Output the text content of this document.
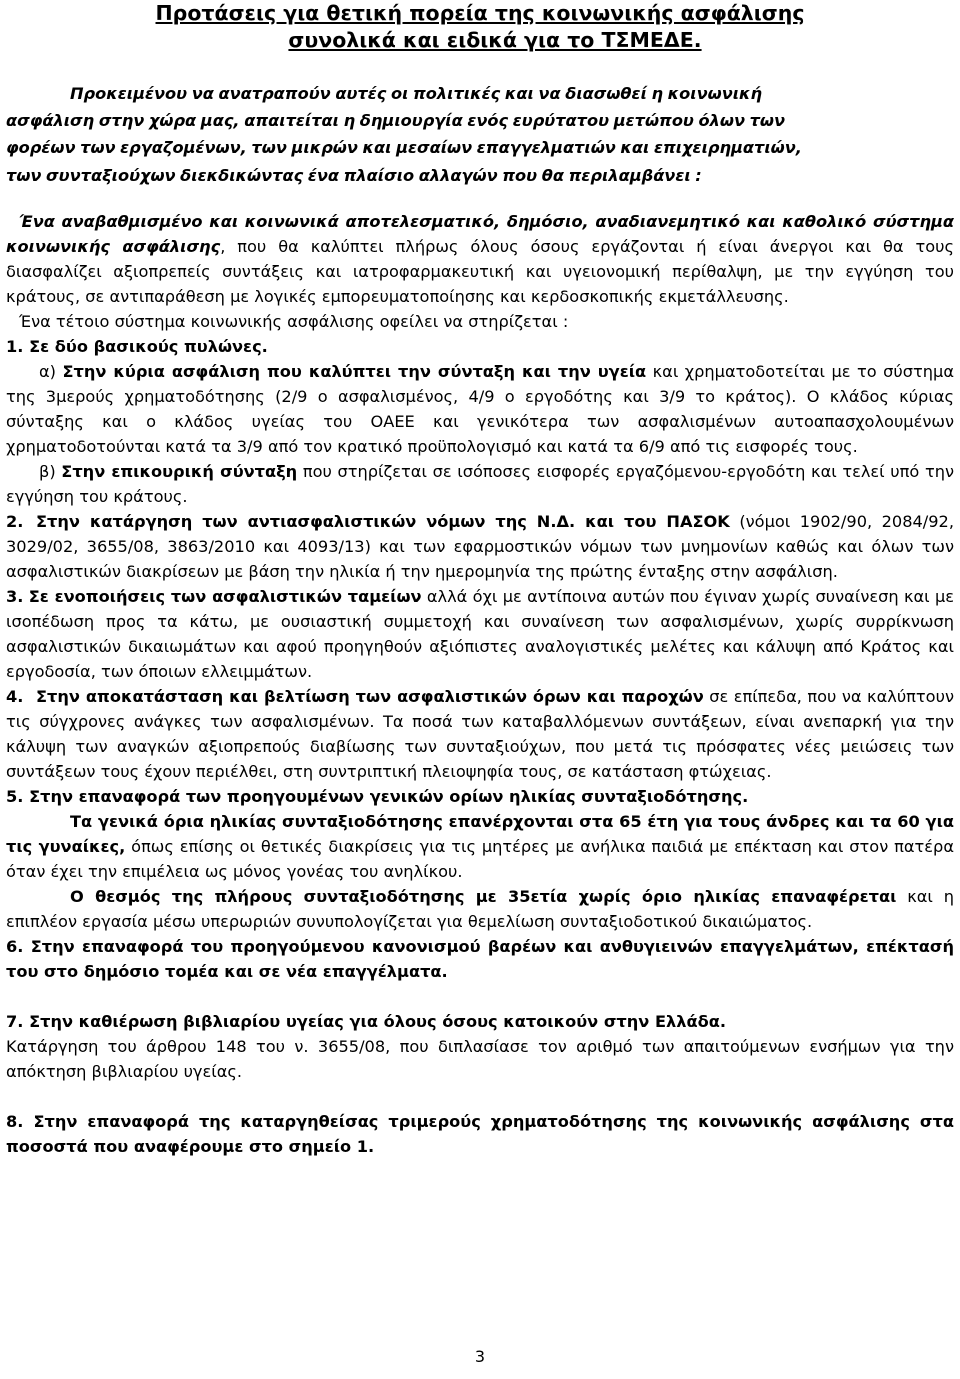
Προτάσεις για θετική πορεία της κοινωνικής ασφάλισης
συνολικά και ειδικά για το ΤΣΜΕΔΕ.
Προκειμένου να ανατραπούν αυτές οι πολιτικές και να διασωθεί η κοινωνική
ασφάλιση στην χώρα μας, απαιτείται η δημιουργία ενός ευρύτατου μετώπου όλων των
φορέων των εργαζομένων, των μικρών και μεσαίων επαγγελματιών και επιχειρηματιών,
των συνταξιούχων διεκδικώντας ένα πλαίσιο αλλαγών που θα περιλαμβάνει :

Ένα αναβαθμισμένο και κοινωνικά αποτελεσματικό, δημόσιο, αναδιανεμητικό και καθολικό σύστημα κοινωνικής ασφάλισης, που θα καλύπτει πλήρως όλους όσους εργάζονται ή είναι άνεργοι και θα τους διασφαλίζει αξιοπρεπείς συντάξεις και ιατροφαρμακευτική και υγειονομική περίθαλψη, με την εγγύηση του κράτους, σε αντιπαράθεση με λογικές εμπορευματοποίησης και κερδοσκοπικής εκμετάλλευσης.

Ένα τέτοιο σύστημα κοινωνικής ασφάλισης οφείλει να στηρίζεται :

1. Σε δύο βασικούς πυλώνες.

α) Στην κύρια ασφάλιση που καλύπτει την σύνταξη και την υγεία και χρηματοδοτείται με το σύστημα της 3μερούς χρηματοδότησης (2/9 ο ασφαλισμένος, 4/9 ο εργοδότης και 3/9 το κράτος). Ο κλάδος κύριας σύνταξης και ο κλάδος υγείας του ΟΑΕΕ και γενικότερα των ασφαλισμένων αυτοαπασχολουμένων χρηματοδοτούνται κατά τα 3/9 από τον κρατικό προϋπολογισμό και κατά τα 6/9 από τις εισφορές τους.

β) Στην επικουρική σύνταξη που στηρίζεται σε ισόποσες εισφορές εργαζόμενου-εργοδότη και τελεί υπό την εγγύηση του κράτους.

2. Στην κατάργηση των αντιασφαλιστικών νόμων της Ν.Δ. και του ΠΑΣΟΚ (νόμοι 1902/90, 2084/92, 3029/02, 3655/08, 3863/2010 και 4093/13) και των εφαρμοστικών νόμων των μνημονίων καθώς και όλων των ασφαλιστικών διακρίσεων με βάση την ηλικία ή την ημερομηνία της πρώτης ένταξης στην ασφάλιση.

3. Σε ενοποιήσεις των ασφαλιστικών ταμείων αλλά όχι με αντίποινα αυτών που έγιναν χωρίς συναίνεση και με ισοπέδωση προς τα κάτω, με ουσιαστική συμμετοχή και συναίνεση των ασφαλισμένων, χωρίς συρρίκνωση ασφαλιστικών δικαιωμάτων και αφού προηγηθούν αξιόπιστες αναλογιστικές μελέτες και κάλυψη από Κράτος και εργοδοσία, των όποιων ελλειμμάτων.

4. Στην αποκατάσταση και βελτίωση των ασφαλιστικών όρων και παροχών σε επίπεδα, που να καλύπτουν τις σύγχρονες ανάγκες των ασφαλισμένων. Τα ποσά των καταβαλλόμενων συντάξεων, είναι ανεπαρκή για την κάλυψη των αναγκών αξιοπρεπούς διαβίωσης των συνταξιούχων, που μετά τις πρόσφατες νέες μειώσεις των συντάξεων τους έχουν περιέλθει, στη συντριπτική πλειοψηφία τους, σε κατάσταση φτώχειας.

5. Στην επαναφορά των προηγουμένων γενικών ορίων ηλικίας συνταξιοδότησης.

Τα γενικά όρια ηλικίας συνταξιοδότησης επανέρχονται στα 65 έτη για τους άνδρες και τα 60 για τις γυναίκες, όπως επίσης οι θετικές διακρίσεις για τις μητέρες με ανήλικα παιδιά με επέκταση και στον πατέρα όταν έχει την επιμέλεια ως μόνος γονέας του ανηλίκου.

Ο θεσμός της πλήρους συνταξιοδότησης με 35ετία χωρίς όριο ηλικίας επαναφέρεται και η επιπλέον εργασία μέσω υπερωριών συνυπολογίζεται για θεμελίωση συνταξιοδοτικού δικαιώματος.

6. Στην επαναφορά του προηγούμενου κανονισμού βαρέων και ανθυγιεινών επαγγελμάτων, επέκτασή του στο δημόσιο τομέα και σε νέα επαγγέλματα.

7. Στην καθιέρωση βιβλιαρίου υγείας για όλους όσους κατοικούν στην Ελλάδα.

Κατάργηση του άρθρου 148 του ν. 3655/08, που διπλασίασε τον αριθμό των απαιτούμενων ενσήμων για την απόκτηση βιβλιαρίου υγείας.

8. Στην επαναφορά της καταργηθείσας τριμερούς χρηματοδότησης της κοινωνικής ασφάλισης στα ποσοστά που αναφέρουμε στο σημείο 1.

3
